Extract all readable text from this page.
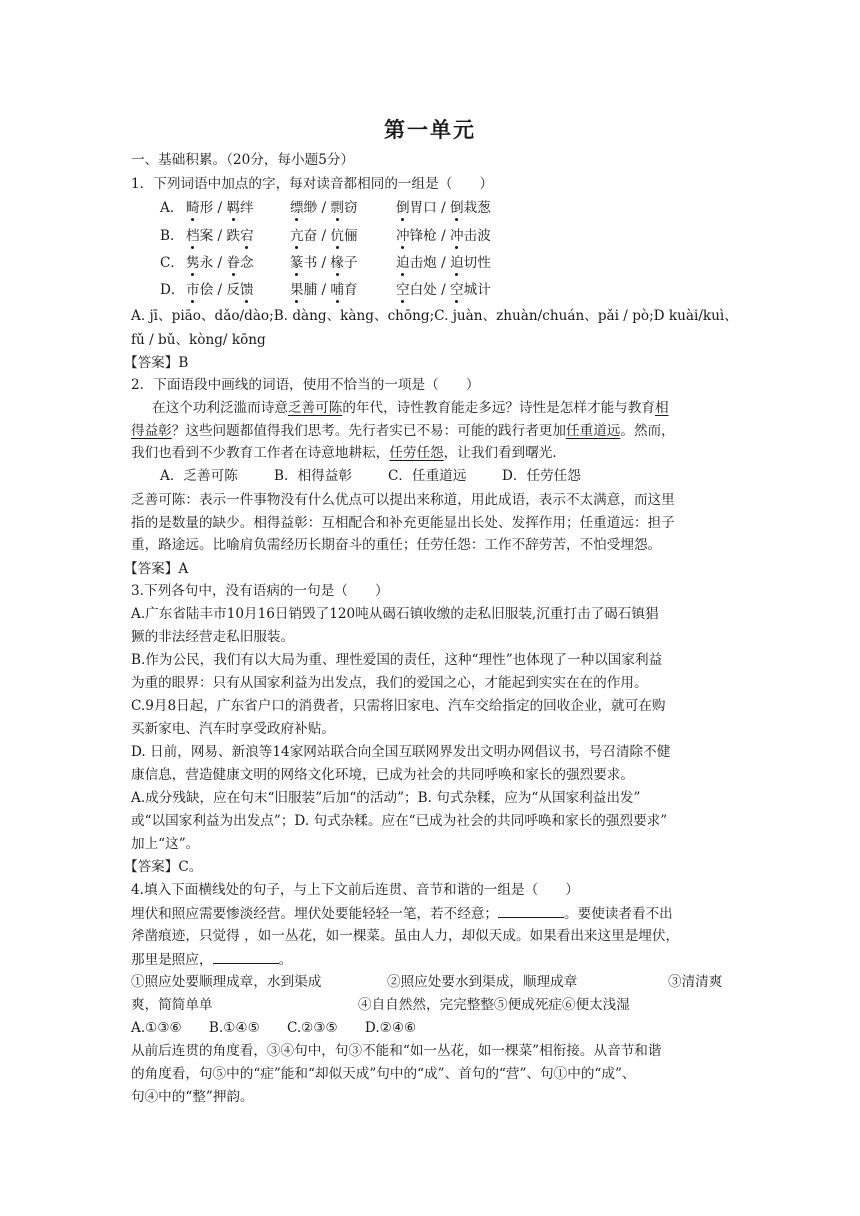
第一单元
一、基础积累。（20分，每小题5分）
1．下列词语中加点的字，每对读音都相同的一组是（　　）
A． 畸形 / 羁绊	缥缈 / 剽窃	倒胃口 / 倒栽葱
B． 档案 / 跌宕	亢奋 / 伉俪	冲锋枪 / 冲击波
C． 隽永 / 眷念	篆书 / 椽子	迫击炮 / 迫切性
D． 市侩 / 反馈	果脯 / 哺育	空白处 / 空城计
A. jī、piāo、dǎo/dào;B. dàng、kàng、chōng;C. juàn、zhuàn/chuán、pǎi / pò;D kuài/kuì、
fǔ / bǔ、kòng/ kōng
【答案】B
2．下面语段中画线的词语，使用不恰当的一项是（　　）
在这个功利泛滥而诗意乏善可陈的年代，诗性教育能走多远？诗性是怎样才能与教育相
得益彰？这些问题都值得我们思考。先行者实已不易：可能的践行者更加任重道远。然而，
我们也看到不少教育工作者在诗意地耕耘，任劳任怨，让我们看到曙光.
A．乏善可陈	B．相得益彰	C．任重道远	D．任劳任怨
乏善可陈：表示一件事物没有什么优点可以提出来称道，用此成语，表示不太满意，而这里
指的是数量的缺少。相得益彰：互相配合和补充更能显出长处、发挥作用；任重道远：担子
重，路途远。比喻肩负需经历长期奋斗的重任；任劳任怨：工作不辞劳苦，不怕受埋怨。
【答案】A
3.下列各句中，没有语病的一句是（　　）
A.广东省陆丰市10月16日销毁了120吨从碣石镇收缴的走私旧服装,沉重打击了碣石镇猖
獗的非法经营走私旧服装。
B.作为公民，我们有以大局为重、理性爱国的责任，这种“理性”也体现了一种以国家利益
为重的眼界：只有从国家利益为出发点，我们的爱国之心，才能起到实实在在的作用。
C.9月8日起，广东省户口的消费者，只需将旧家电、汽车交给指定的回收企业，就可在购
买新家电、汽车时享受政府补贴。
D. 日前，网易、新浪等14家网站联合向全国互联网界发出文明办网倡议书，号召清除不健
康信息，营造健康文明的网络文化环境，已成为社会的共同呼唤和家长的强烈要求。
A.成分残缺，应在句末“旧服装”后加“的活动”；B. 句式杂糅，应为“从国家利益出发”
或“以国家利益为出发点”；D. 句式杂糅。应在“已成为社会的共同呼唤和家长的强烈要求”
加上“这”。
【答案】C。
4.填入下面横线处的句子，与上下文前后连贯、音节和谐的一组是（　　）
埋伏和照应需要惨淡经营。埋伏处要能轻轻一笔，若不经意；	。要使读者看不出
斧凿痕迹，只觉得 ，如一丛花，如一棵菜。虽由人力，却似天成。如果看出来这里是埋伏，
那里是照应，	。
①照应处要顺理成章，水到渠成	②照应处要水到渠成，顺理成章	③清清爽
爽，简简单单	④自自然然，完完整整⑤便成死症⑥便太浅湿
A.①③⑥　　B.①④⑤　　C.②③⑤　　D.②④⑥
从前后连贯的角度看，③④句中，句③不能和“如一丛花，如一棵菜”相衔接。从音节和谐
的角度看，句⑤中的“症”能和“却似天成”句中的“成”、首句的“营”、句①中的“成”、
句④中的“整”押韵。
